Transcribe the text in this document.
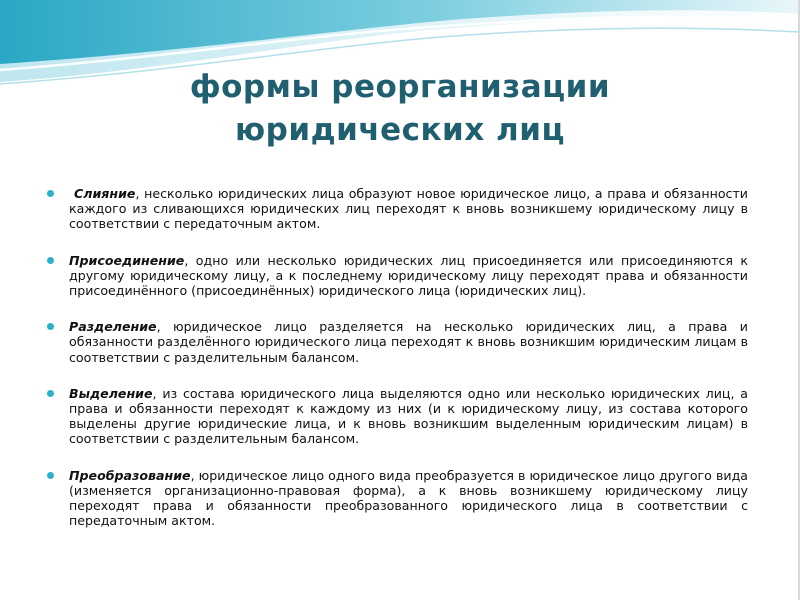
формы реорганизации
юридических лиц
Слияние, несколько юридических лица образуют новое юридическое лицо, а права и обязанности каждого из сливающихся юридических лиц переходят к вновь возникшему юридическому лицу в соответствии с передаточным актом.
Присоединение, одно или несколько юридических лиц присоединяется или присоединяются к другому юридическому лицу, а к последнему юридическому лицу переходят права и обязанности присоединённого (присоединённых) юридического лица (юридических лиц).
Разделение, юридическое лицо разделяется на несколько юридических лиц, а права и обязанности разделённого юридического лица переходят к вновь возникшим юридическим лицам в соответствии с разделительным балансом.
Выделение, из состава юридического лица выделяются одно или несколько юридических лиц, а права и обязанности переходят к каждому из них (и к юридическому лицу, из состава которого выделены другие юридические лица, и к вновь возникшим выделенным юридическим лицам) в соответствии с разделительным балансом.
Преобразование, юридическое лицо одного вида преобразуется в юридическое лицо другого вида (изменяется организационно-правовая форма), а к вновь возникшему юридическому лицу переходят права и обязанности преобразованного юридического лица в соответствии с передаточным актом.
